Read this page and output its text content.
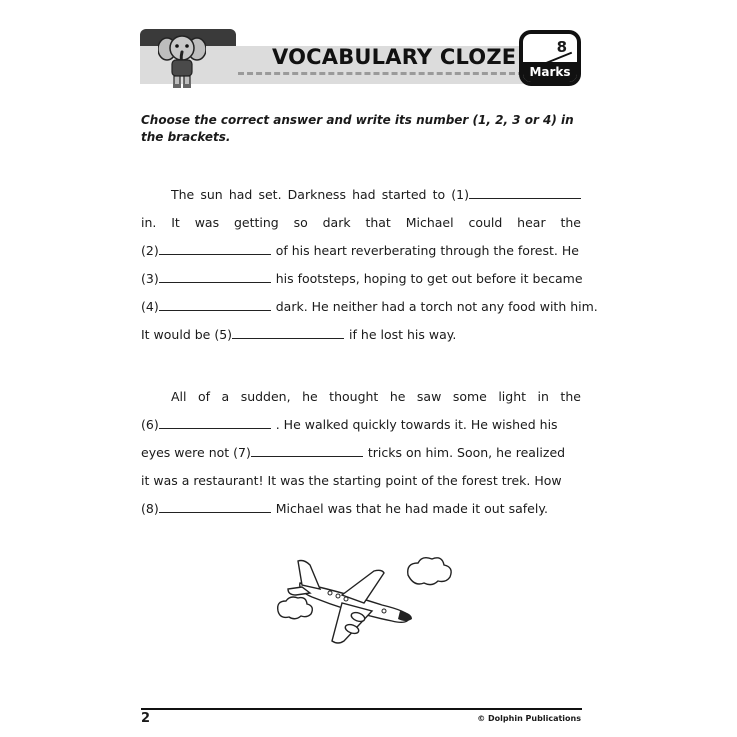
VOCABULARY CLOZE	8
Marks
Choose the correct answer and write its number (1, 2, 3 or 4) in the brackets.
The sun had set. Darkness had started to (1)
in. It was getting so dark that Michael could hear the
(2)	of his heart reverberating through the forest. He
(3)	his footsteps, hoping to get out before it became
(4)	dark. He neither had a torch not any food with him.
It would be (5)	if he lost his way.
All of a sudden, he thought he saw some light in the
(6)	. He walked quickly towards it. He wished his
eyes were not (7)	tricks on him. Soon, he realized
it was a restaurant! It was the starting point of the forest trek. How
(8)	Michael was that he had made it out safely.
2	© Dolphin Publications
